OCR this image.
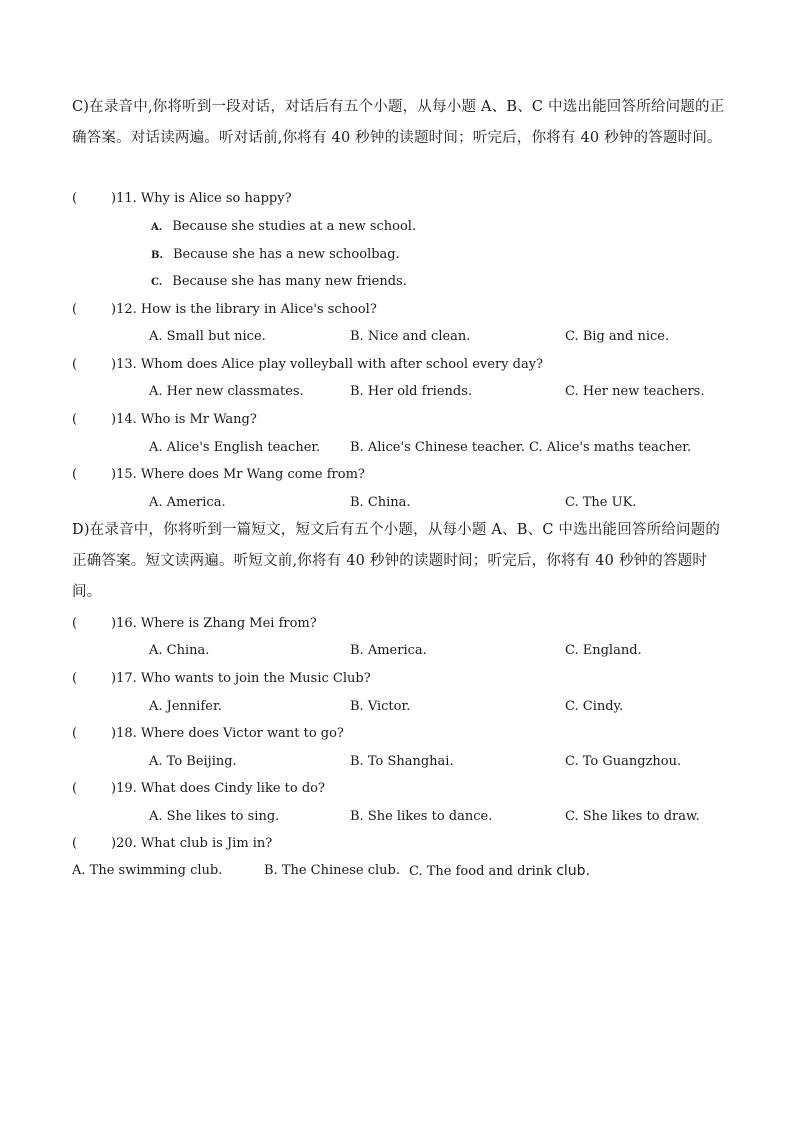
C)在录音中,你将听到一段对话，对话后有五个小题，从每小题 A、B、C 中选出能回答所给问题的正确答案。对话读两遍。听对话前,你将有 40 秒钟的读题时间；听完后，你将有 40 秒钟的答题时间。
(	)11. Why is Alice so happy?
A. Because she studies at a new school.
B. Because she has a new schoolbag.
C. Because she has many new friends.
(	)12. How is the library in Alice's school?
A. Small but nice.	B. Nice and clean.	C. Big and nice.
(	)13. Whom does Alice play volleyball with after school every day?
A. Her new classmates.	B. Her old friends.	C. Her new teachers.
(	)14. Who is Mr Wang?
A. Alice's English teacher. B. Alice's Chinese teacher. C. Alice's maths teacher.
(	)15. Where does Mr Wang come from?
A. America.	B. China.	C. The UK.
D)在录音中，你将听到一篇短文，短文后有五个小题，从每小题 A、B、C 中选出能回答所给问题的正确答案。短文读两遍。听短文前,你将有 40 秒钟的读题时间；听完后，你将有 40 秒钟的答题时间。
(	)16. Where is Zhang Mei from?
A. China.	B. America.	C. England.
(	)17. Who wants to join the Music Club?
A. Jennifer.	B. Victor.	C. Cindy.
(	)18. Where does Victor want to go?
A. To Beijing.	B. To Shanghai.	C. To Guangzhou.
(	)19. What does Cindy like to do?
A. She likes to sing.	B. She likes to dance.	C. She likes to draw.
(	)20. What club is Jim in?
A. The swimming club.	B. The Chinese club. C. The food and drink club.
